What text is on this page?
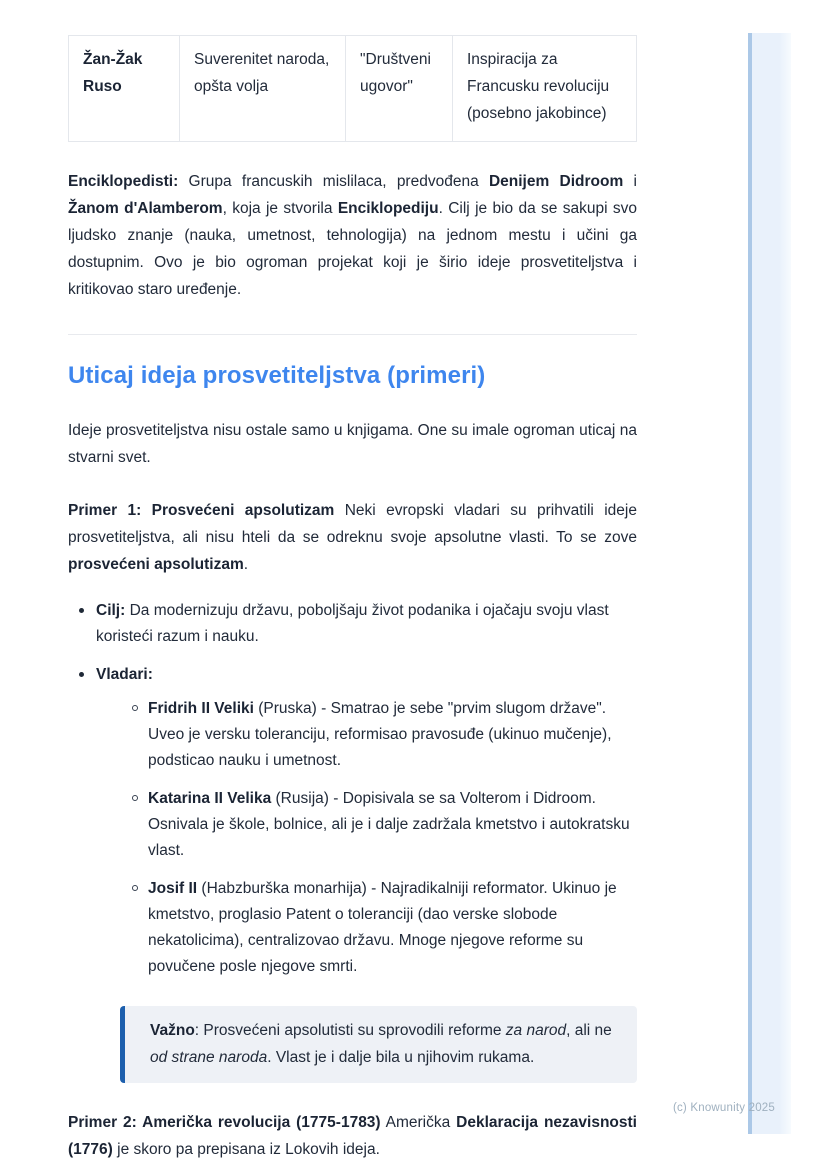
Žan-Žak Ruso
Suverenitet naroda, opšta volja
"Društveni ugovor"
Inspiracija za Francusku revoluciju (posebno jakobince)

Enciklopedisti: Grupa francuskih mislilaca, predvođena Denijem Didroom i Žanom d'Alamberom, koja je stvorila Enciklopediju. Cilj je bio da se sakupi svo ljudsko znanje (nauka, umetnost, tehnologija) na jednom mestu i učini ga dostupnim. Ovo je bio ogroman projekat koji je širio ideje prosvetiteljstva i kritikovao staro uređenje.

Uticaj ideja prosvetiteljstva (primeri)

Ideje prosvetiteljstva nisu ostale samo u knjigama. One su imale ogroman uticaj na stvarni svet.

Primer 1: Prosvećeni apsolutizam Neki evropski vladari su prihvatili ideje prosvetiteljstva, ali nisu hteli da se odreknu svoje apsolutne vlasti. To se zove prosvećeni apsolutizam.

Cilj: Da modernizuju državu, poboljšaju život podanika i ojačaju svoju vlast koristeći razum i nauku.
Vladari:
Fridrih II Veliki (Pruska) - Smatrao je sebe "prvim slugom države". Uveo je versku toleranciju, reformisao pravosuđe (ukinuo mučenje), podsticao nauku i umetnost.
Katarina II Velika (Rusija) - Dopisivala se sa Volterom i Didroom. Osnivala je škole, bolnice, ali je i dalje zadržala kmetstvo i autokratsku vlast.
Josif II (Habzburška monarhija) - Najradikalniji reformator. Ukinuo je kmetstvo, proglasio Patent o toleranciji (dao verske slobode nekatolicima), centralizovao državu. Mnoge njegove reforme su povučene posle njegove smrti.
Važno: Prosvećeni apsolutisti su sprovodili reforme za narod, ali ne od strane naroda. Vlast je i dalje bila u njihovim rukama.

Primer 2: Američka revolucija (1775-1783) Američka Deklaracija nezavisnosti (1776) je skoro pa prepisana iz Lokovih ideja.

(c) Knowunity 2025
